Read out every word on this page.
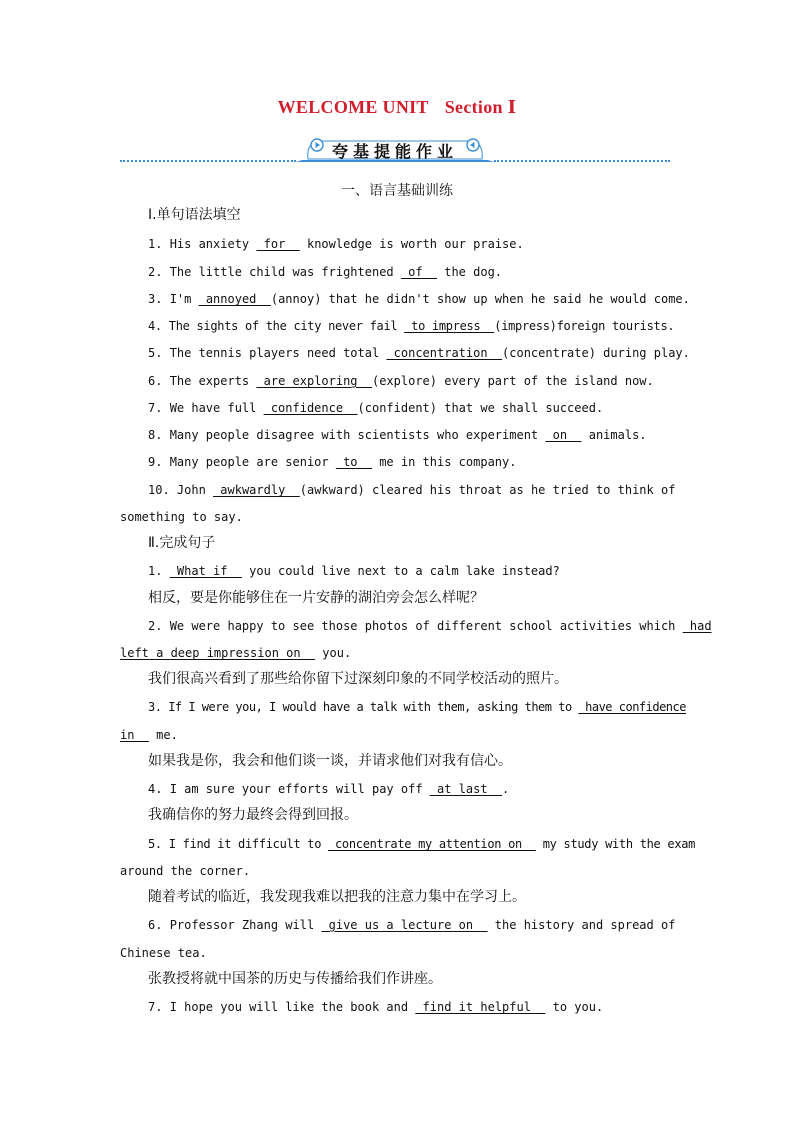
WELCOME UNIT Section Ⅰ
夸基提能作业
一、语言基础训练
Ⅰ.单句语法填空
1. His anxiety  for   knowledge is worth our praise.
2. The little child was frightened  of   the dog.
3. I'm  annoyed  (annoy) that he didn't show up when he said he would come.
4. The sights of the city never fail  to impress  (impress)foreign tourists.
5. The tennis players need total  concentration  (concentrate) during play.
6. The experts  are exploring  (explore) every part of the island now.
7. We have full  confidence  (confident) that we shall succeed.
8. Many people disagree with scientists who experiment  on   animals.
9. Many people are senior  to   me in this company.
10. John  awkwardly  (awkward) cleared his throat as he tried to think of
something to say.
Ⅱ.完成句子
1.  What if   you could live next to a calm lake instead?
相反，要是你能够住在一片安静的湖泊旁会怎么样呢？
2. We were happy to see those photos of different school activities which  had
left a deep impression on   you.
我们很高兴看到了那些给你留下过深刻印象的不同学校活动的照片。
3. If I were you, I would have a talk with them, asking them to  have confidence
in   me.
如果我是你，我会和他们谈一谈，并请求他们对我有信心。
4. I am sure your efforts will pay off  at last  .
我确信你的努力最终会得到回报。
5. I find it difficult to  concentrate my attention on   my study with the exam
around the corner.
随着考试的临近，我发现我难以把我的注意力集中在学习上。
6. Professor Zhang will  give us a lecture on   the history and spread of
Chinese tea.
张教授将就中国茶的历史与传播给我们作讲座。
7. I hope you will like the book and  find it helpful   to you.
